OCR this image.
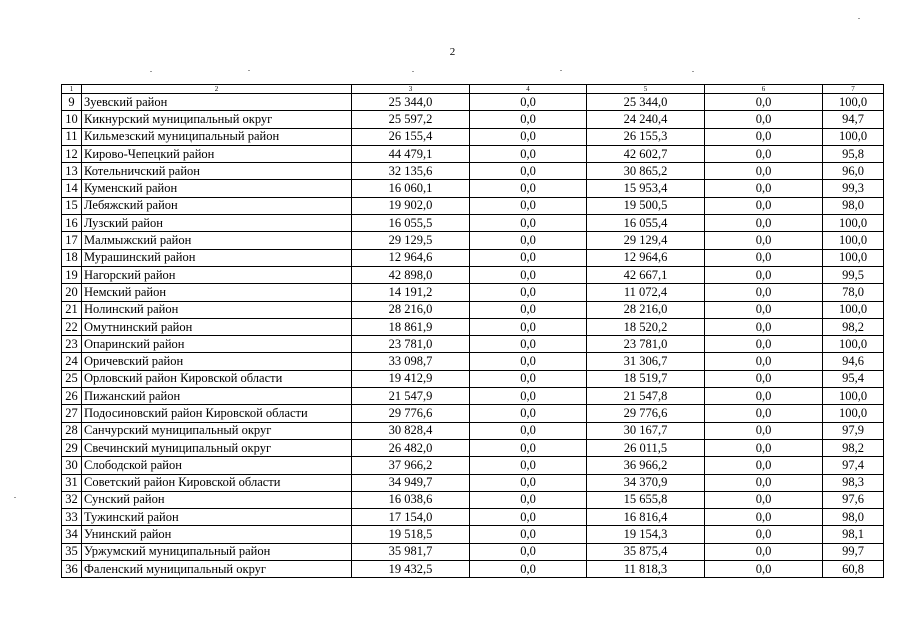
2
1	2	3	4	5	6	7
9	Зуевский район	25 344,0	0,0	25 344,0	0,0	100,0
10	Кикнурский муниципальный округ	25 597,2	0,0	24 240,4	0,0	94,7
11	Кильмезский муниципальный район	26 155,4	0,0	26 155,3	0,0	100,0
12	Кирово-Чепецкий район	44 479,1	0,0	42 602,7	0,0	95,8
13	Котельничский район	32 135,6	0,0	30 865,2	0,0	96,0
14	Куменский район	16 060,1	0,0	15 953,4	0,0	99,3
15	Лебяжский район	19 902,0	0,0	19 500,5	0,0	98,0
16	Лузский район	16 055,5	0,0	16 055,4	0,0	100,0
17	Малмыжский район	29 129,5	0,0	29 129,4	0,0	100,0
18	Мурашинский район	12 964,6	0,0	12 964,6	0,0	100,0
19	Нагорский район	42 898,0	0,0	42 667,1	0,0	99,5
20	Немский район	14 191,2	0,0	11 072,4	0,0	78,0
21	Нолинский район	28 216,0	0,0	28 216,0	0,0	100,0
22	Омутнинский район	18 861,9	0,0	18 520,2	0,0	98,2
23	Опаринский район	23 781,0	0,0	23 781,0	0,0	100,0
24	Оричевский район	33 098,7	0,0	31 306,7	0,0	94,6
25	Орловский район Кировской области	19 412,9	0,0	18 519,7	0,0	95,4
26	Пижанский район	21 547,9	0,0	21 547,8	0,0	100,0
27	Подосиновский район Кировской области	29 776,6	0,0	29 776,6	0,0	100,0
28	Санчурский муниципальный округ	30 828,4	0,0	30 167,7	0,0	97,9
29	Свечинский муниципальный округ	26 482,0	0,0	26 011,5	0,0	98,2
30	Слободской район	37 966,2	0,0	36 966,2	0,0	97,4
31	Советский район Кировской области	34 949,7	0,0	34 370,9	0,0	98,3
32	Сунский район	16 038,6	0,0	15 655,8	0,0	97,6
33	Тужинский район	17 154,0	0,0	16 816,4	0,0	98,0
34	Унинский район	19 518,5	0,0	19 154,3	0,0	98,1
35	Уржумский муниципальный район	35 981,7	0,0	35 875,4	0,0	99,7
36	Фаленский муниципальный округ	19 432,5	0,0	11 818,3	0,0	60,8
